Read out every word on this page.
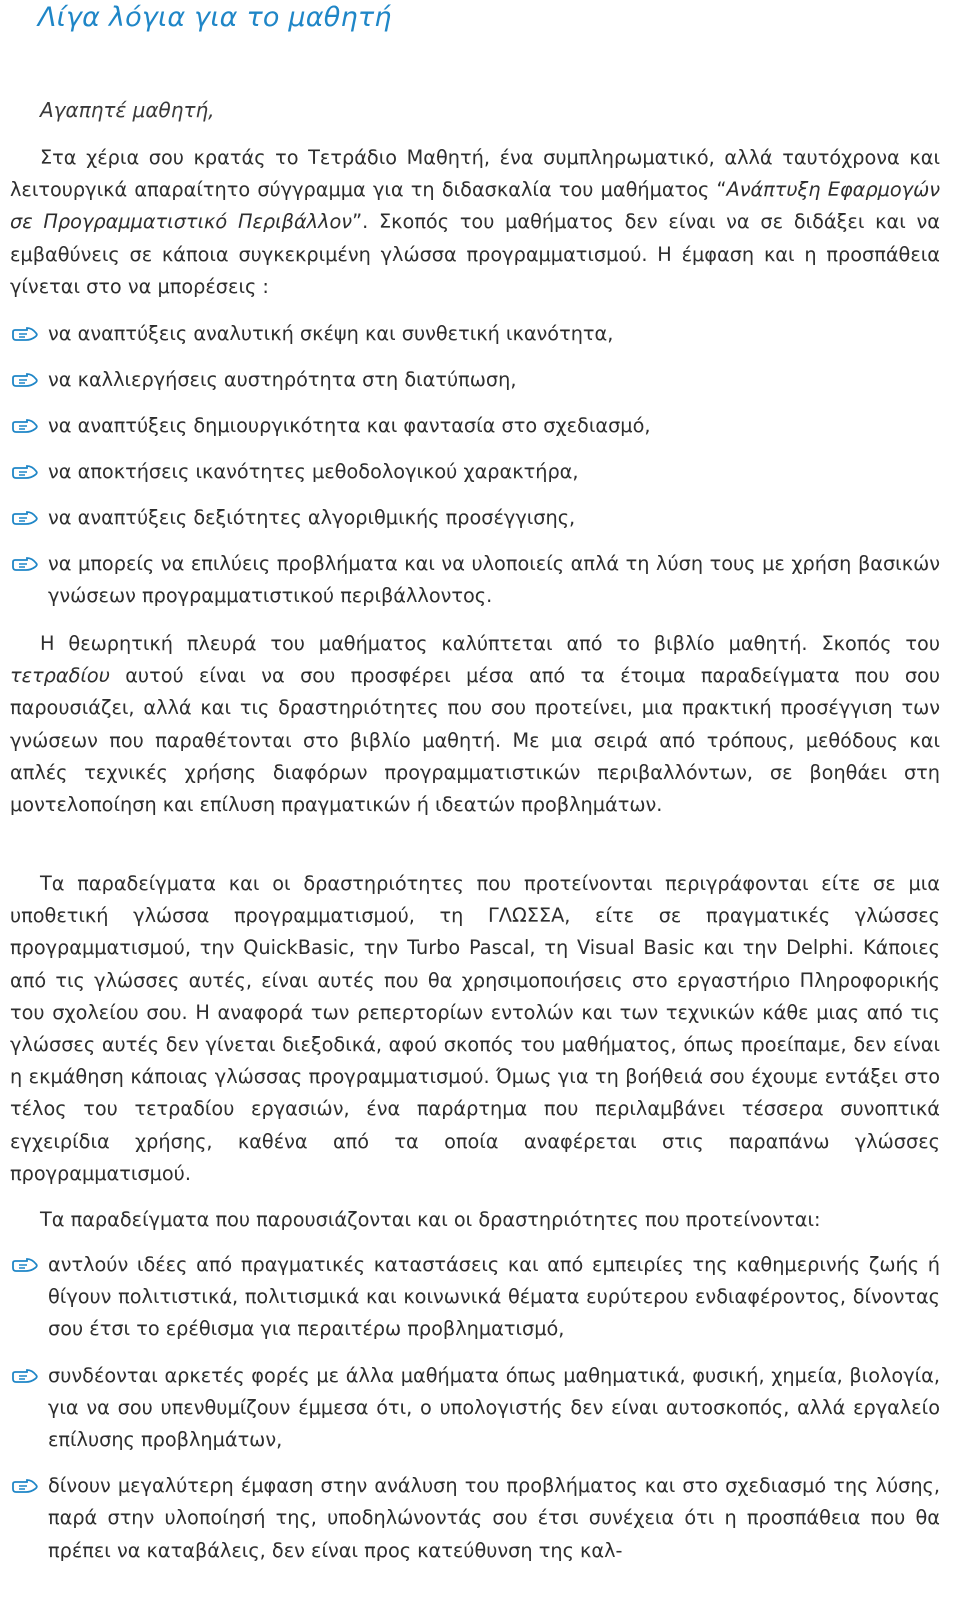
Λίγα λόγια για το μαθητή

Αγαπητέ μαθητή,

Στα χέρια σου κρατάς το Τετράδιο Μαθητή, ένα συμπληρωματικό, αλλά ταυτόχρονα και λειτουργικά απαραίτητο σύγγραμμα για τη διδασκαλία του μαθήματος “Ανάπτυξη Εφαρμογών σε Προγραμματιστικό Περιβάλλον”. Σκοπός του μαθήματος δεν είναι να σε διδάξει και να εμβαθύνεις σε κάποια συγκεκριμένη γλώσσα προγραμματισμού. Η έμφαση και η προσπάθεια γίνεται στο να μπορέσεις :

να αναπτύξεις αναλυτική σκέψη και συνθετική ικανότητα,

να καλλιεργήσεις αυστηρότητα στη διατύπωση,

να αναπτύξεις δημιουργικότητα και φαντασία στο σχεδιασμό,

να αποκτήσεις ικανότητες μεθοδολογικού χαρακτήρα,

να αναπτύξεις δεξιότητες αλγοριθμικής προσέγγισης,

να μπορείς να επιλύεις προβλήματα και να υλοποιείς απλά τη λύση τους με χρήση βασικών γνώσεων προγραμματιστικού περιβάλλοντος.

Η θεωρητική πλευρά του μαθήματος καλύπτεται από το βιβλίο μαθητή. Σκοπός του τετραδίου αυτού είναι να σου προσφέρει μέσα από τα έτοιμα παραδείγματα που σου παρουσιάζει, αλλά και τις δραστηριότητες που σου προτείνει, μια πρακτική προσέγγιση των γνώσεων που παραθέτονται στο βιβλίο μαθητή. Με μια σειρά από τρόπους, μεθόδους και απλές τεχνικές χρήσης διαφόρων προγραμματιστικών περιβαλλόντων, σε βοηθάει στη μοντελοποίηση και επίλυση πραγματικών ή ιδεατών προβλημάτων.

Τα παραδείγματα και οι δραστηριότητες που προτείνονται περιγράφονται είτε σε μια υποθετική γλώσσα προγραμματισμού, τη ΓΛΩΣΣΑ, είτε σε πραγματικές γλώσσες προγραμματισμού, την QuickBasic, την Turbo Pascal, τη Visual Basic και την Delphi. Κάποιες από τις γλώσσες αυτές, είναι αυτές που θα χρησιμοποιήσεις στο εργαστήριο Πληροφορικής του σχολείου σου. Η αναφορά των ρεπερτορίων εντολών και των τεχνικών κάθε μιας από τις γλώσσες αυτές δεν γίνεται διεξοδικά, αφού σκοπός του μαθήματος, όπως προείπαμε, δεν είναι η εκμάθηση κάποιας γλώσσας προγραμματισμού. Όμως για τη βοήθειά σου έχουμε εντάξει στο τέλος του τετραδίου εργασιών, ένα παράρτημα που περιλαμβάνει τέσσερα συνοπτικά εγχειρίδια χρήσης, καθένα από τα οποία αναφέρεται στις παραπάνω γλώσσες προγραμματισμού.

Τα παραδείγματα που παρουσιάζονται και οι δραστηριότητες που προτείνονται:

αντλούν ιδέες από πραγματικές καταστάσεις και από εμπειρίες της καθημερινής ζωής ή θίγουν πολιτιστικά, πολιτισμικά και κοινωνικά θέματα ευρύτερου ενδιαφέροντος, δίνοντας σου έτσι το ερέθισμα για περαιτέρω προβληματισμό,

συνδέονται αρκετές φορές με άλλα μαθήματα όπως μαθηματικά, φυσική, χημεία, βιολογία, για να σου υπενθυμίζουν έμμεσα ότι, ο υπολογιστής δεν είναι αυτοσκοπός, αλλά εργαλείο επίλυσης προβλημάτων,

δίνουν μεγαλύτερη έμφαση στην ανάλυση του προβλήματος και στο σχεδιασμό της λύσης, παρά στην υλοποίησή της, υποδηλώνοντάς σου έτσι συνέχεια ότι η προσπάθεια που θα πρέπει να καταβάλεις, δεν είναι προς κατεύθυνση της καλ-
